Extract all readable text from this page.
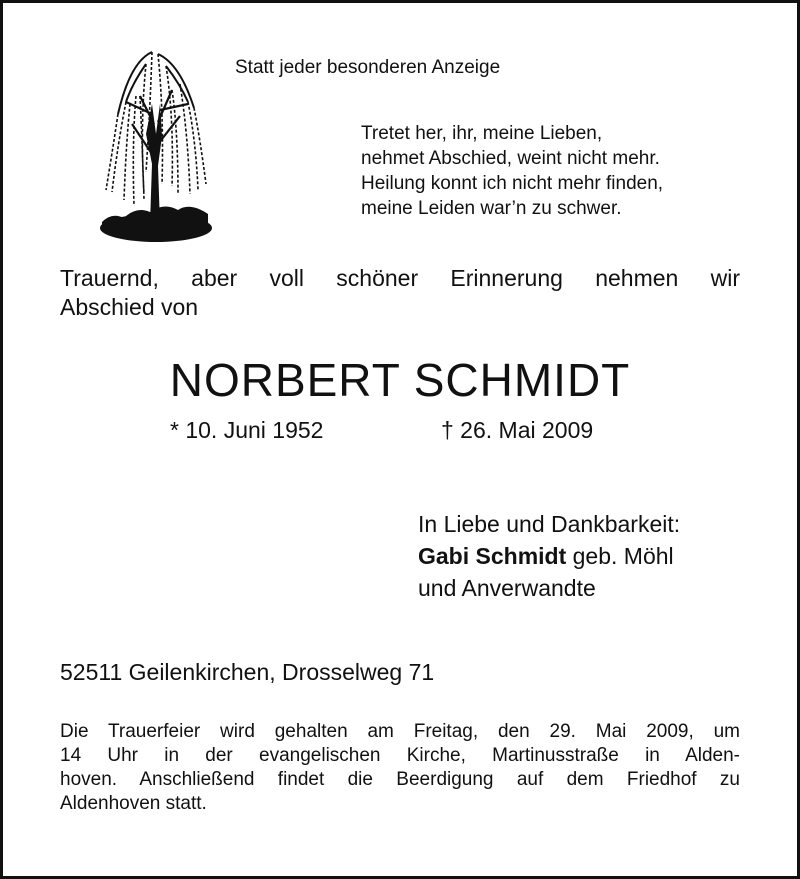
Statt jeder besonderen Anzeige
Tretet her, ihr, meine Lieben,
nehmet Abschied, weint nicht mehr.
Heilung konnt ich nicht mehr finden,
meine Leiden war’n zu schwer.
Trauernd, aber voll schöner Erinnerung nehmen wir
Abschied von
NORBERT SCHMIDT
* 10. Juni 1952	† 26. Mai 2009
In Liebe und Dankbarkeit:
Gabi Schmidt geb. Möhl
und Anverwandte
52511 Geilenkirchen, Drosselweg 71
Die Trauerfeier wird gehalten am Freitag, den 29. Mai 2009, um
14 Uhr in der evangelischen Kirche, Martinusstraße in Alden-
hoven. Anschließend findet die Beerdigung auf dem Friedhof zu
Aldenhoven statt.
